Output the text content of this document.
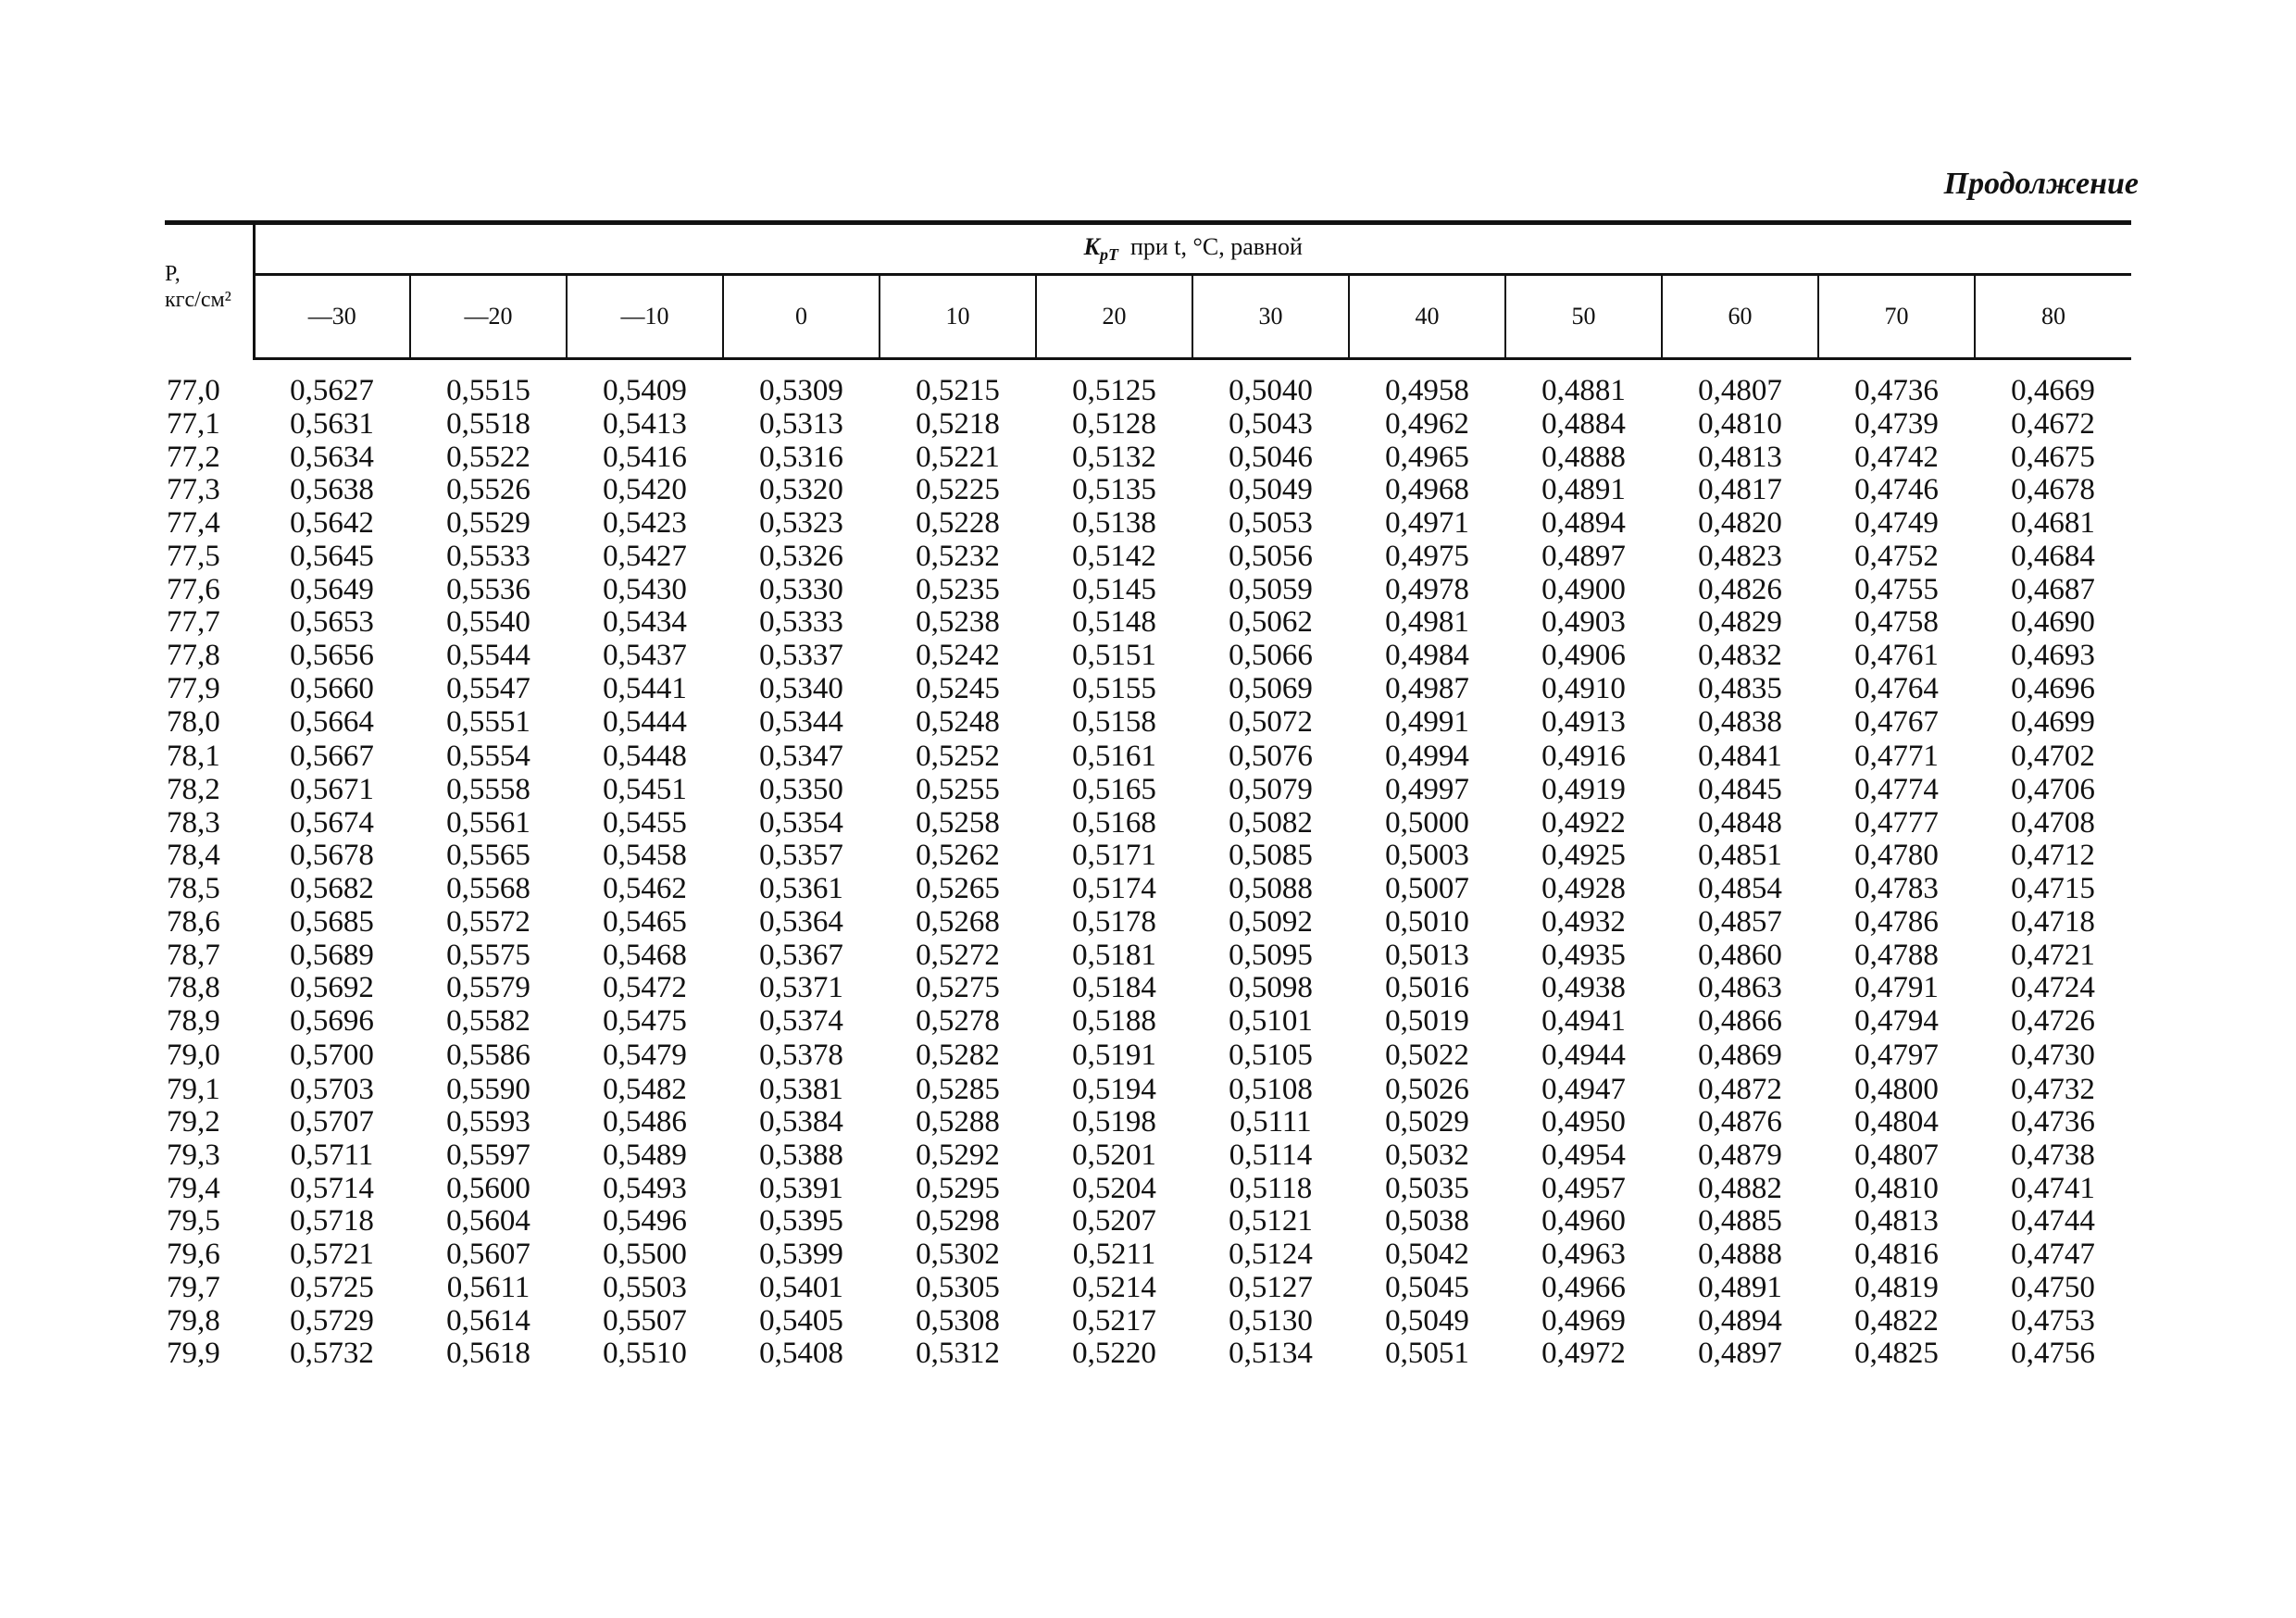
Продолжение
P,
кгс/см²	$K_{pT}$ при t, °С, равной											
	—30	—20	—10	0	10	20	30	40	50	60	70	80
77,0	0,5627	0,5515	0,5409	0,5309	0,5215	0,5125	0,5040	0,4958	0,4881	0,4807	0,4736	0,4669
77,1	0,5631	0,5518	0,5413	0,5313	0,5218	0,5128	0,5043	0,4962	0,4884	0,4810	0,4739	0,4672
77,2	0,5634	0,5522	0,5416	0,5316	0,5221	0,5132	0,5046	0,4965	0,4888	0,4813	0,4742	0,4675
77,3	0,5638	0,5526	0,5420	0,5320	0,5225	0,5135	0,5049	0,4968	0,4891	0,4817	0,4746	0,4678
77,4	0,5642	0,5529	0,5423	0,5323	0,5228	0,5138	0,5053	0,4971	0,4894	0,4820	0,4749	0,4681
77,5	0,5645	0,5533	0,5427	0,5326	0,5232	0,5142	0,5056	0,4975	0,4897	0,4823	0,4752	0,4684
77,6	0,5649	0,5536	0,5430	0,5330	0,5235	0,5145	0,5059	0,4978	0,4900	0,4826	0,4755	0,4687
77,7	0,5653	0,5540	0,5434	0,5333	0,5238	0,5148	0,5062	0,4981	0,4903	0,4829	0,4758	0,4690
77,8	0,5656	0,5544	0,5437	0,5337	0,5242	0,5151	0,5066	0,4984	0,4906	0,4832	0,4761	0,4693
77,9	0,5660	0,5547	0,5441	0,5340	0,5245	0,5155	0,5069	0,4987	0,4910	0,4835	0,4764	0,4696
78,0	0,5664	0,5551	0,5444	0,5344	0,5248	0,5158	0,5072	0,4991	0,4913	0,4838	0,4767	0,4699
78,1	0,5667	0,5554	0,5448	0,5347	0,5252	0,5161	0,5076	0,4994	0,4916	0,4841	0,4771	0,4702
78,2	0,5671	0,5558	0,5451	0,5350	0,5255	0,5165	0,5079	0,4997	0,4919	0,4845	0,4774	0,4706
78,3	0,5674	0,5561	0,5455	0,5354	0,5258	0,5168	0,5082	0,5000	0,4922	0,4848	0,4777	0,4708
78,4	0,5678	0,5565	0,5458	0,5357	0,5262	0,5171	0,5085	0,5003	0,4925	0,4851	0,4780	0,4712
78,5	0,5682	0,5568	0,5462	0,5361	0,5265	0,5174	0,5088	0,5007	0,4928	0,4854	0,4783	0,4715
78,6	0,5685	0,5572	0,5465	0,5364	0,5268	0,5178	0,5092	0,5010	0,4932	0,4857	0,4786	0,4718
78,7	0,5689	0,5575	0,5468	0,5367	0,5272	0,5181	0,5095	0,5013	0,4935	0,4860	0,4788	0,4721
78,8	0,5692	0,5579	0,5472	0,5371	0,5275	0,5184	0,5098	0,5016	0,4938	0,4863	0,4791	0,4724
78,9	0,5696	0,5582	0,5475	0,5374	0,5278	0,5188	0,5101	0,5019	0,4941	0,4866	0,4794	0,4726
79,0	0,5700	0,5586	0,5479	0,5378	0,5282	0,5191	0,5105	0,5022	0,4944	0,4869	0,4797	0,4730
79,1	0,5703	0,5590	0,5482	0,5381	0,5285	0,5194	0,5108	0,5026	0,4947	0,4872	0,4800	0,4732
79,2	0,5707	0,5593	0,5486	0,5384	0,5288	0,5198	0,5111	0,5029	0,4950	0,4876	0,4804	0,4736
79,3	0,5711	0,5597	0,5489	0,5388	0,5292	0,5201	0,5114	0,5032	0,4954	0,4879	0,4807	0,4738
79,4	0,5714	0,5600	0,5493	0,5391	0,5295	0,5204	0,5118	0,5035	0,4957	0,4882	0,4810	0,4741
79,5	0,5718	0,5604	0,5496	0,5395	0,5298	0,5207	0,5121	0,5038	0,4960	0,4885	0,4813	0,4744
79,6	0,5721	0,5607	0,5500	0,5399	0,5302	0,5211	0,5124	0,5042	0,4963	0,4888	0,4816	0,4747
79,7	0,5725	0,5611	0,5503	0,5401	0,5305	0,5214	0,5127	0,5045	0,4966	0,4891	0,4819	0,4750
79,8	0,5729	0,5614	0,5507	0,5405	0,5308	0,5217	0,5130	0,5049	0,4969	0,4894	0,4822	0,4753
79,9	0,5732	0,5618	0,5510	0,5408	0,5312	0,5220	0,5134	0,5051	0,4972	0,4897	0,4825	0,4756
